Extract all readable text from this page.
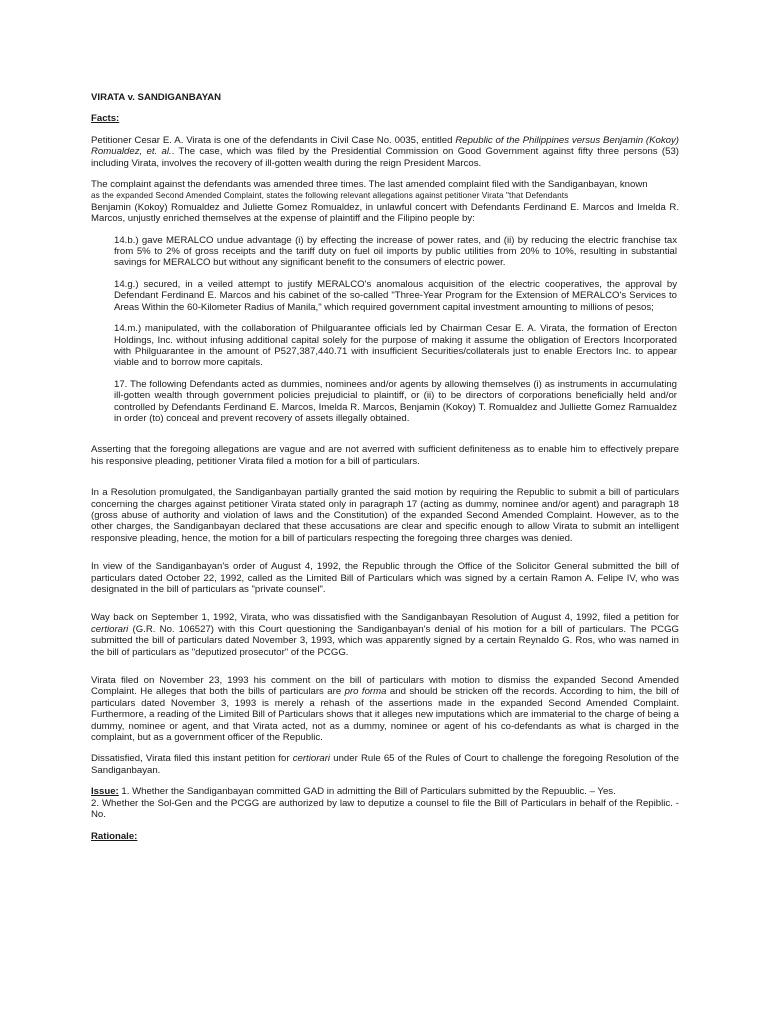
VIRATA v. SANDIGANBAYAN
Facts:

Petitioner Cesar E. A. Virata is one of the defendants in Civil Case No. 0035, entitled Republic of the Philippines versus Benjamin (Kokoy) Romualdez, et. al.. The case, which was filed by the Presidential Commission on Good Government against fifty three persons (53) including Virata, involves the recovery of ill-gotten wealth during the reign President Marcos.

The complaint against the defendants was amended three times. The last amended complaint filed with the Sandiganbayan, known
as the expanded Second Amended Complaint, states the following relevant allegations against petitioner Virata "that Defendants
Benjamin (Kokoy) Romualdez and Juliette Gomez Romualdez, in unlawful concert with Defendants Ferdinand E. Marcos and Imelda R. Marcos, unjustly enriched themselves at the expense of plaintiff and the Filipino people by:

14.b.) gave MERALCO undue advantage (i) by effecting the increase of power rates, and (ii) by reducing the electric franchise tax from 5% to 2% of gross receipts and the tariff duty on fuel oil imports by public utilities from 20% to 10%, resulting in substantial savings for MERALCO but without any significant benefit to the consumers of electric power.

14.g.) secured, in a veiled attempt to justify MERALCO's anomalous acquisition of the electric cooperatives, the approval by Defendant Ferdinand E. Marcos and his cabinet of the so-called "Three-Year Program for the Extension of MERALCO's Services to Areas Within the 60-Kilometer Radius of Manila," which required government capital investment amounting to millions of pesos;

14.m.) manipulated, with the collaboration of Philguarantee officials led by Chairman Cesar E. A. Virata, the formation of Erecton Holdings, Inc. without infusing additional capital solely for the purpose of making it assume the obligation of Erectors Incorporated with Philguarantee in the amount of P527,387,440.71 with insufficient Securities/collaterals just to enable Erectors Inc. to appear viable and to borrow more capitals.

17. The following Defendants acted as dummies, nominees and/or agents by allowing themselves (i) as instruments in accumulating ill-gotten wealth through government policies prejudicial to plaintiff, or (ii) to be directors of corporations beneficially held and/or controlled by Defendants Ferdinand E. Marcos, Imelda R. Marcos, Benjamin (Kokoy) T. Romualdez and Julliette Gomez Ramualdez in order (to) conceal and prevent recovery of assets illegally obtained.

Asserting that the foregoing allegations are vague and are not averred with sufficient definiteness as to enable him to effectively prepare his responsive pleading, petitioner Virata filed a motion for a bill of particulars.

In a Resolution promulgated, the Sandiganbayan partially granted the said motion by requiring the Republic to submit a bill of particulars concerning the charges against petitioner Virata stated only in paragraph 17 (acting as dummy, nominee and/or agent) and paragraph 18 (gross abuse of authority and violation of laws and the Constitution) of the expanded Second Amended Complaint. However, as to the other charges, the Sandiganbayan declared that these accusations are clear and specific enough to allow Virata to submit an intelligent responsive pleading, hence, the motion for a bill of particulars respecting the foregoing three charges was denied.

In view of the Sandiganbayan's order of August 4, 1992, the Republic through the Office of the Solicitor General submitted the bill of particulars dated October 22, 1992, called as the Limited Bill of Particulars which was signed by a certain Ramon A. Felipe IV, who was designated in the bill of particulars as "private counsel".

Way back on September 1, 1992, Virata, who was dissatisfied with the Sandiganbayan Resolution of August 4, 1992, filed a petition for certiorari (G.R. No. 106527) with this Court questioning the Sandiganbayan's denial of his motion for a bill of particulars. The PCGG submitted the bill of particulars dated November 3, 1993, which was apparently signed by a certain Reynaldo G. Ros, who was named in the bill of particulars as "deputized prosecutor" of the PCGG.

Virata filed on November 23, 1993 his comment on the bill of particulars with motion to dismiss the expanded Second Amended Complaint. He alleges that both the bills of particulars are pro forma and should be stricken off the records. According to him, the bill of particulars dated November 3, 1993 is merely a rehash of the assertions made in the expanded Second Amended Complaint. Furthermore, a reading of the Limited Bill of Particulars shows that it alleges new imputations which are immaterial to the charge of being a dummy, nominee or agent, and that Virata acted, not as a dummy, nominee or agent of his co-defendants as what is charged in the complaint, but as a government officer of the Republic.

Dissatisfied, Virata filed this instant petition for certiorari under Rule 65 of the Rules of Court to challenge the foregoing Resolution of the Sandiganbayan.

Issue: 1. Whether the Sandiganbayan committed GAD in admitting the Bill of Particulars submitted by the Repuublic. – Yes.
2. Whether the Sol-Gen and the PCGG are authorized by law to deputize a counsel to file the Bill of Particulars in behalf of the Repiblic. - No.

Rationale:
